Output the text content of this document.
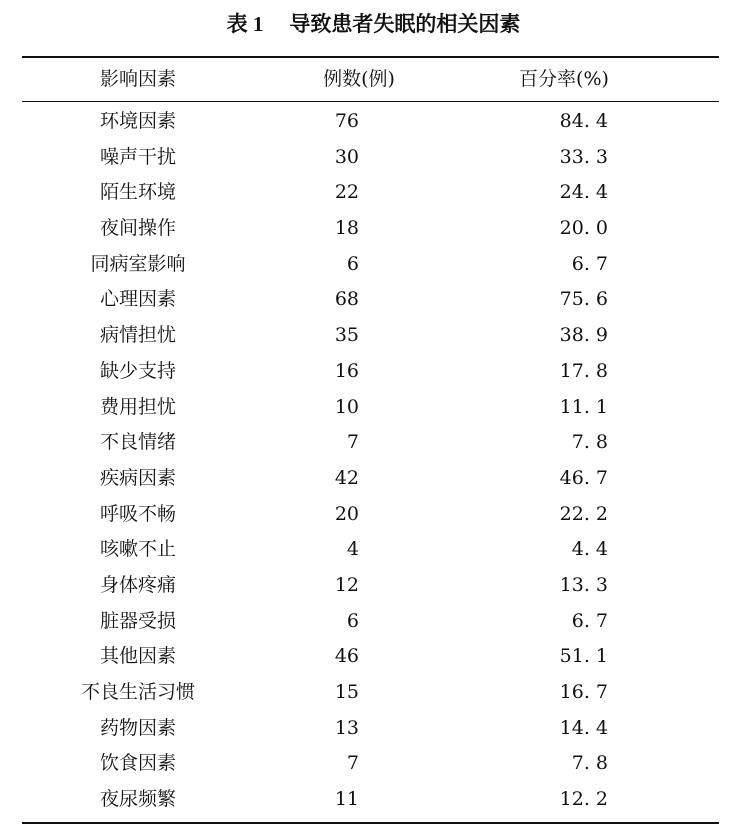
表 1 导致患者失眠的相关因素
影响因素	例数(例)	百分率(%)
环境因素	76	84. 4
噪声干扰	30	33. 3
陌生环境	22	24. 4
夜间操作	18	20. 0
同病室影响	6	6. 7
心理因素	68	75. 6
病情担忧	35	38. 9
缺少支持	16	17. 8
费用担忧	10	11. 1
不良情绪	7	7. 8
疾病因素	42	46. 7
呼吸不畅	20	22. 2
咳嗽不止	4	4. 4
身体疼痛	12	13. 3
脏器受损	6	6. 7
其他因素	46	51. 1
不良生活习惯	15	16. 7
药物因素	13	14. 4
饮食因素	7	7. 8
夜尿频繁	11	12. 2
